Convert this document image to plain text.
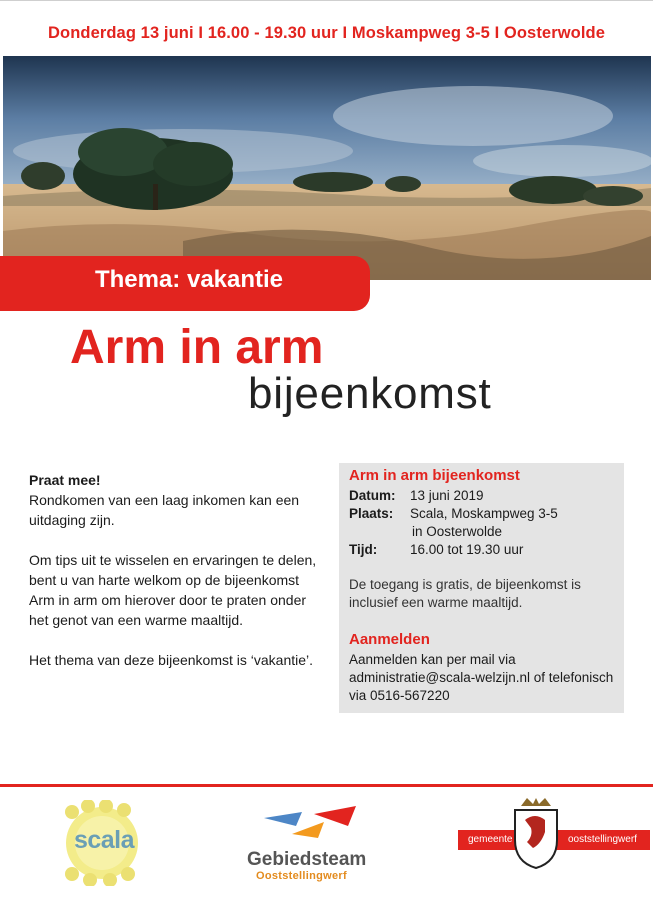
Donderdag 13 juni I 16.00 - 19.30 uur I Moskampweg 3-5 I Oosterwolde
Thema: vakantie
Arm in arm
bijeenkomst

Praat mee!
Rondkomen van een laag inkomen kan een uitdaging zijn.

Om tips uit te wisselen en ervaringen te delen, bent u van harte welkom op de bijeenkomst Arm in arm om hierover door te praten onder het genot van een warme maaltijd.

Het thema van deze bijeenkomst is ‘vakantie’.

Arm in arm bijeenkomst
Datum: 13 juni 2019
Plaats: Scala, Moskampweg 3-5
in Oosterwolde
Tijd: 16.00 tot 19.30 uur
De toegang is gratis, de bijeenkomst is inclusief een warme maaltijd.
Aanmelden
Aanmelden kan per mail via administratie@scala-welzijn.nl of telefonisch via 0516-567220
scala
Gebiedsteam
Ooststellingwerf
gemeente	ooststellingwerf
